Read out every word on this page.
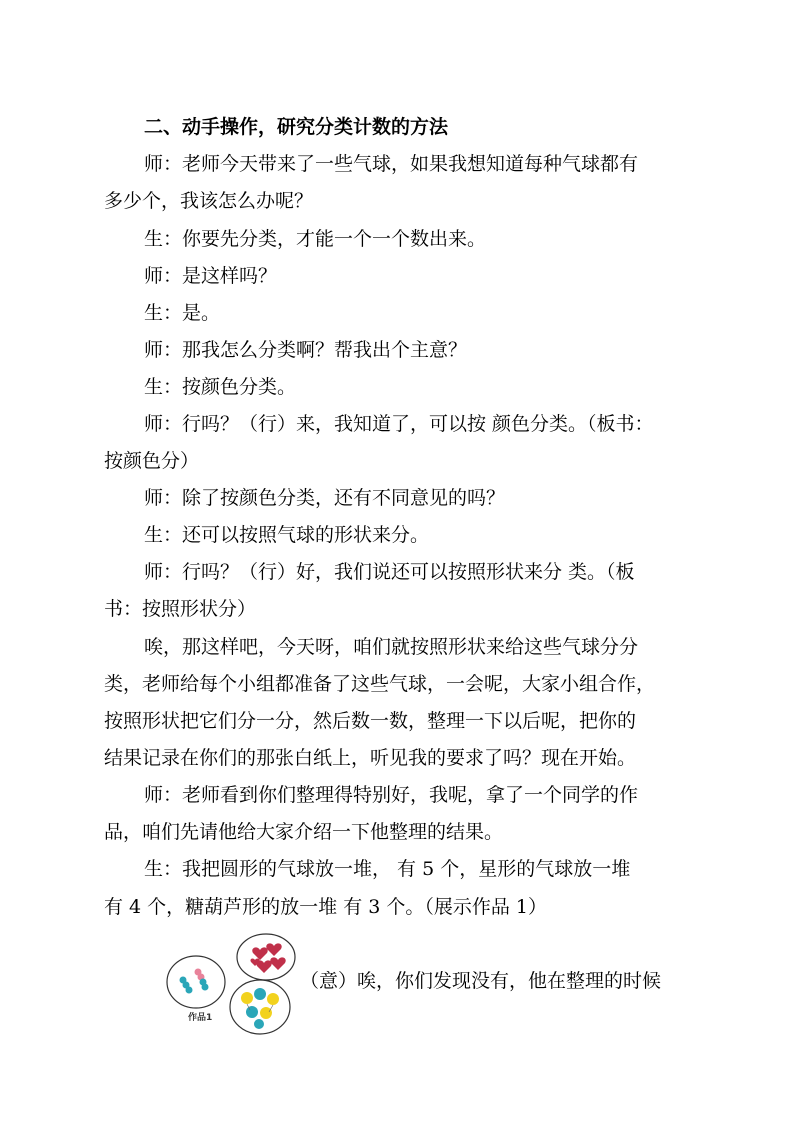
二、动手操作，研究分类计数的方法
师：老师今天带来了一些气球，如果我想知道每种气球都有
多少个，我该怎么办呢？
生：你要先分类，才能一个一个数出来。
师：是这样吗？
生：是。
师：那我怎么分类啊？帮我出个主意？
生：按颜色分类。
师：行吗？（行）来，我知道了，可以按 颜色分类。（板书：
按颜色分）
师：除了按颜色分类，还有不同意见的吗？
生：还可以按照气球的形状来分。
师：行吗？（行）好，我们说还可以按照形状来分 类。（板
书：按照形状分）
唉，那这样吧，今天呀，咱们就按照形状来给这些气球分分
类，老师给每个小组都准备了这些气球，一会呢，大家小组合作，
按照形状把它们分一分，然后数一数，整理一下以后呢，把你的
结果记录在你们的那张白纸上，听见我的要求了吗？现在开始。
师：老师看到你们整理得特别好，我呢，拿了一个同学的作
品，咱们先请他给大家介绍一下他整理的结果。
生：我把圆形的气球放一堆， 有 5 个，星形的气球放一堆
有 4 个，糖葫芦形的放一堆 有 3 个。（展示作品 1）
（意）唉，你们发现没有，他在整理的时候
作品1
